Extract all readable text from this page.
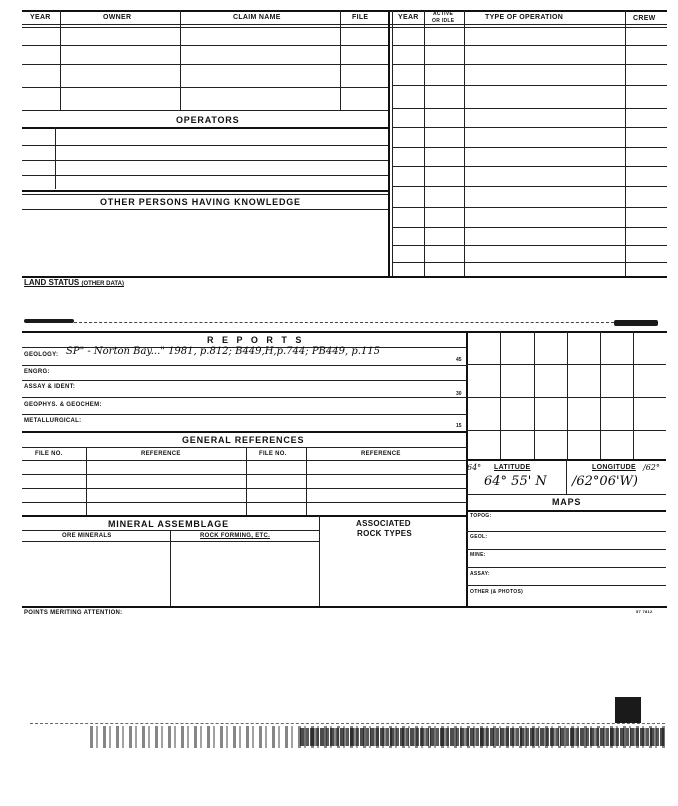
YEAR	OWNER	CLAIM NAME	FILE	YEAR	ACTIVE
OR IDLE	TYPE OF OPERATION	CREW
OPERATORS
OTHER PERSONS HAVING KNOWLEDGE
LAND STATUS (OTHER DATA)
R E P O R T S
GEOLOGY: SP" - Norton Bay..." 1981, p.812; B449,H,p.744; PB449, p.115
45
ENGRG:
ASSAY & IDENT:
30
GEOPHYS. & GEOCHEM:
METALLURGICAL:
15
GENERAL REFERENCES
FILE NO.	REFERENCE	FILE NO.	REFERENCE
MINERAL ASSEMBLAGE	ASSOCIATED
ROCK TYPES
ORE MINERALS	ROCK FORMING, ETC.
64° LATITUDE	LONGITUDE /62°
64° 55' N /62°06'W)
MAPS
TOPOG:
GEOL:
MINE:
ASSAY:
OTHER (& PHOTOS)
POINTS MERITING ATTENTION:	57 7812
